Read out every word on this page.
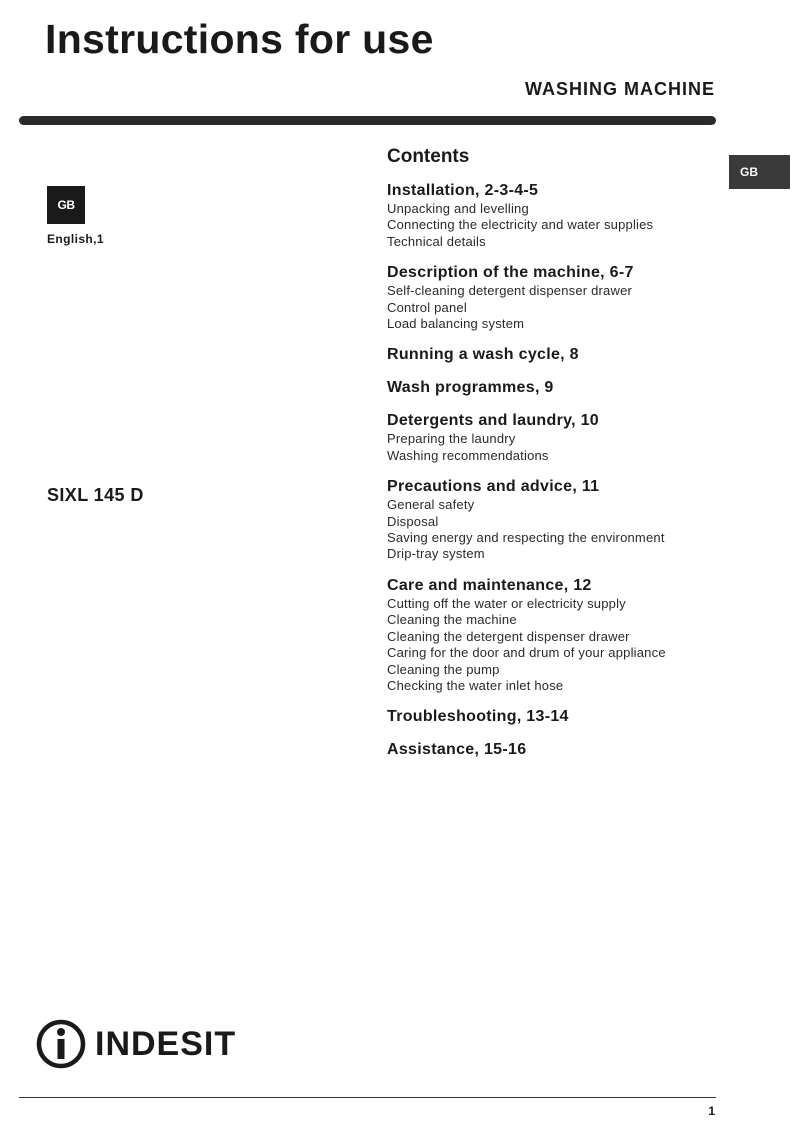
Instructions for use
WASHING MACHINE
GB
GB
English,1
SIXL 145 D
Contents
Installation, 2-3-4-5
Unpacking and levelling
Connecting the electricity and water supplies
Technical details
Description of the machine, 6-7
Self-cleaning detergent dispenser drawer
Control panel
Load balancing system
Running a wash cycle, 8
Wash programmes, 9
Detergents and laundry, 10
Preparing the laundry
Washing recommendations
Precautions and advice, 11
General safety
Disposal
Saving energy and respecting the environment
Drip-tray system
Care and maintenance, 12
Cutting off the water or electricity supply
Cleaning the machine
Cleaning the detergent dispenser drawer
Caring for the door and drum of your appliance
Cleaning the pump
Checking the water inlet hose
Troubleshooting, 13-14
Assistance, 15-16
INDESIT
1
